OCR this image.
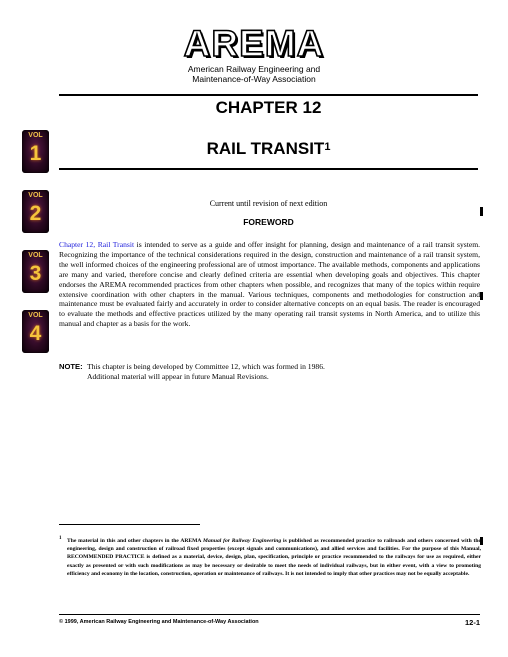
AREMA
American Railway Engineering and
Maintenance-of-Way Association
CHAPTER 12
RAIL TRANSIT$^1$
VOL
1
VOL
2
VOL
3
VOL
4
Current until revision of next edition
FOREWORD
Chapter 12, Rail Transit is intended to serve as a guide and offer insight for planning, design and maintenance of a rail transit system. Recognizing the importance of the technical considerations required in the design, construction and maintenance of a rail transit system, the well informed choices of the engineering professional are of utmost importance. The available methods, components and applications are many and varied, therefore concise and clearly defined criteria are essential when developing goals and objectives. This chapter endorses the AREMA recommended practices from other chapters when possible, and recognizes that many of the topics within require extensive coordination with other chapters in the manual. Various techniques, components and methodologies for construction and maintenance must be evaluated fairly and accurately in order to consider alternative concepts on an equal basis. The reader is encouraged to evaluate the methods and effective practices utilized by the many operating rail transit systems in North America, and to utilize this manual and chapter as a basis for the work.
NOTE: This chapter is being developed by Committee 12, which was formed in 1986. Additional material will appear in future Manual Revisions.
$^1$ The material in this and other chapters in the AREMA Manual for Railway Engineering is published as recommended practice to railroads and others concerned with the engineering, design and construction of railroad fixed properties (except signals and communications), and allied services and facilities. For the purpose of this Manual, RECOMMENDED PRACTICE is defined as a material, device, design, plan, specification, principle or practice recommended to the railways for use as required, either exactly as presented or with such modifications as may be necessary or desirable to meet the needs of individual railways, but in either event, with a view to promoting efficiency and economy in the location, construction, operation or maintenance of railways. It is not intended to imply that other practices may not be equally acceptable.
© 1999, American Railway Engineering and Maintenance-of-Way Association	12-1
